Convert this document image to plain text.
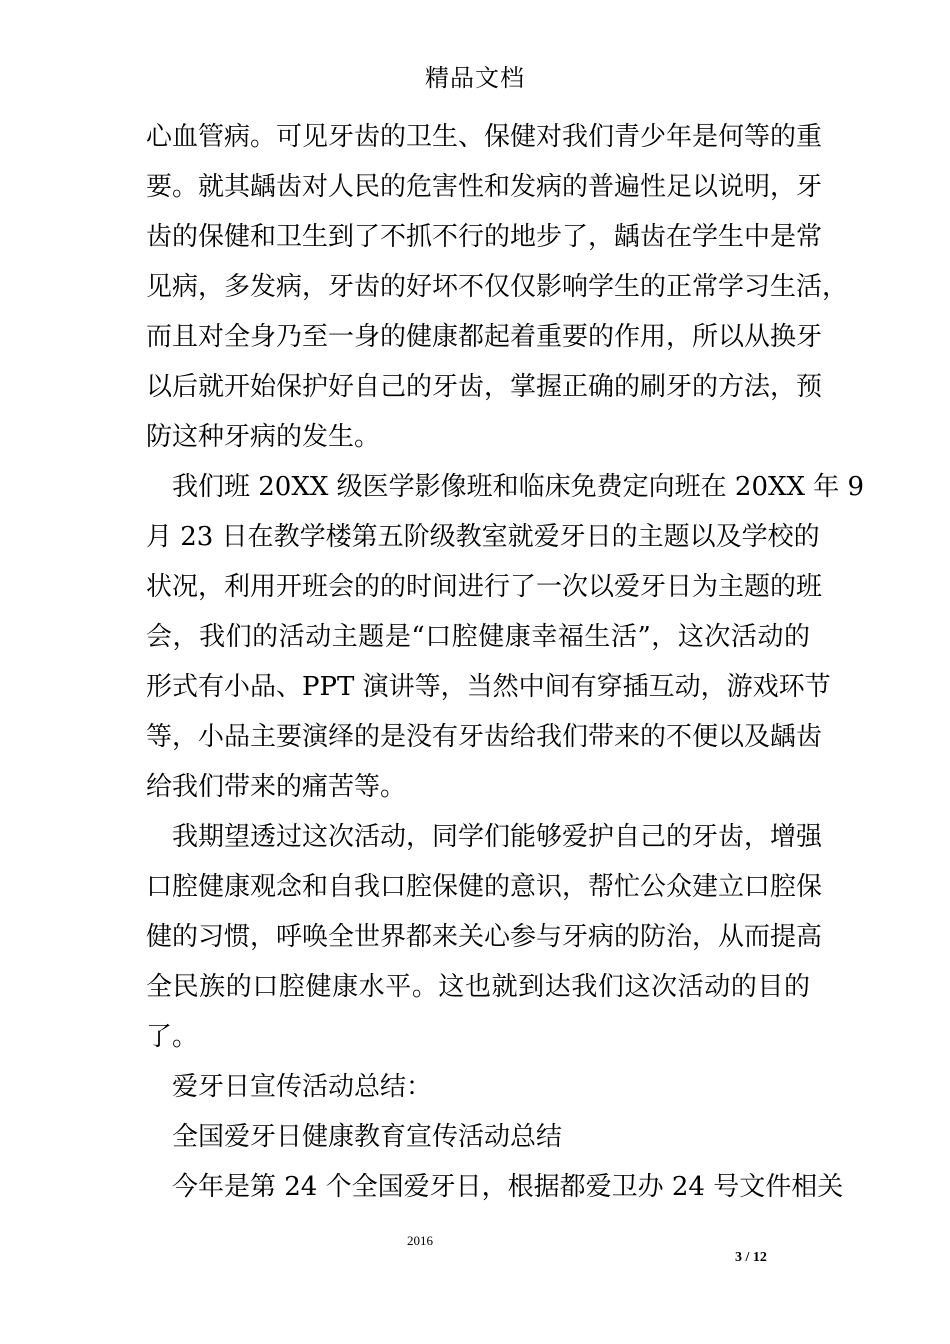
精品文档
心血管病。可见牙齿的卫生、保健对我们青少年是何等的重
要。就其龋齿对人民的危害性和发病的普遍性足以说明，牙
齿的保健和卫生到了不抓不行的地步了，龋齿在学生中是常
见病，多发病，牙齿的好坏不仅仅影响学生的正常学习生活，
而且对全身乃至一身的健康都起着重要的作用，所以从换牙
以后就开始保护好自己的牙齿，掌握正确的刷牙的方法，预
防这种牙病的发生。
我们班 20XX 级医学影像班和临床免费定向班在 20XX 年 9
月 23 日在教学楼第五阶级教室就爱牙日的主题以及学校的
状况，利用开班会的的时间进行了一次以爱牙日为主题的班
会，我们的活动主题是“口腔健康幸福生活”，这次活动的
形式有小品、PPT 演讲等，当然中间有穿插互动，游戏环节
等，小品主要演绎的是没有牙齿给我们带来的不便以及龋齿
给我们带来的痛苦等。
我期望透过这次活动，同学们能够爱护自己的牙齿，增强
口腔健康观念和自我口腔保健的意识，帮忙公众建立口腔保
健的习惯，呼唤全世界都来关心参与牙病的防治，从而提高
全民族的口腔健康水平。这也就到达我们这次活动的目的
了。
爱牙日宣传活动总结：
全国爱牙日健康教育宣传活动总结
今年是第 24 个全国爱牙日，根据都爱卫办 24 号文件相关
2016
3 / 12
